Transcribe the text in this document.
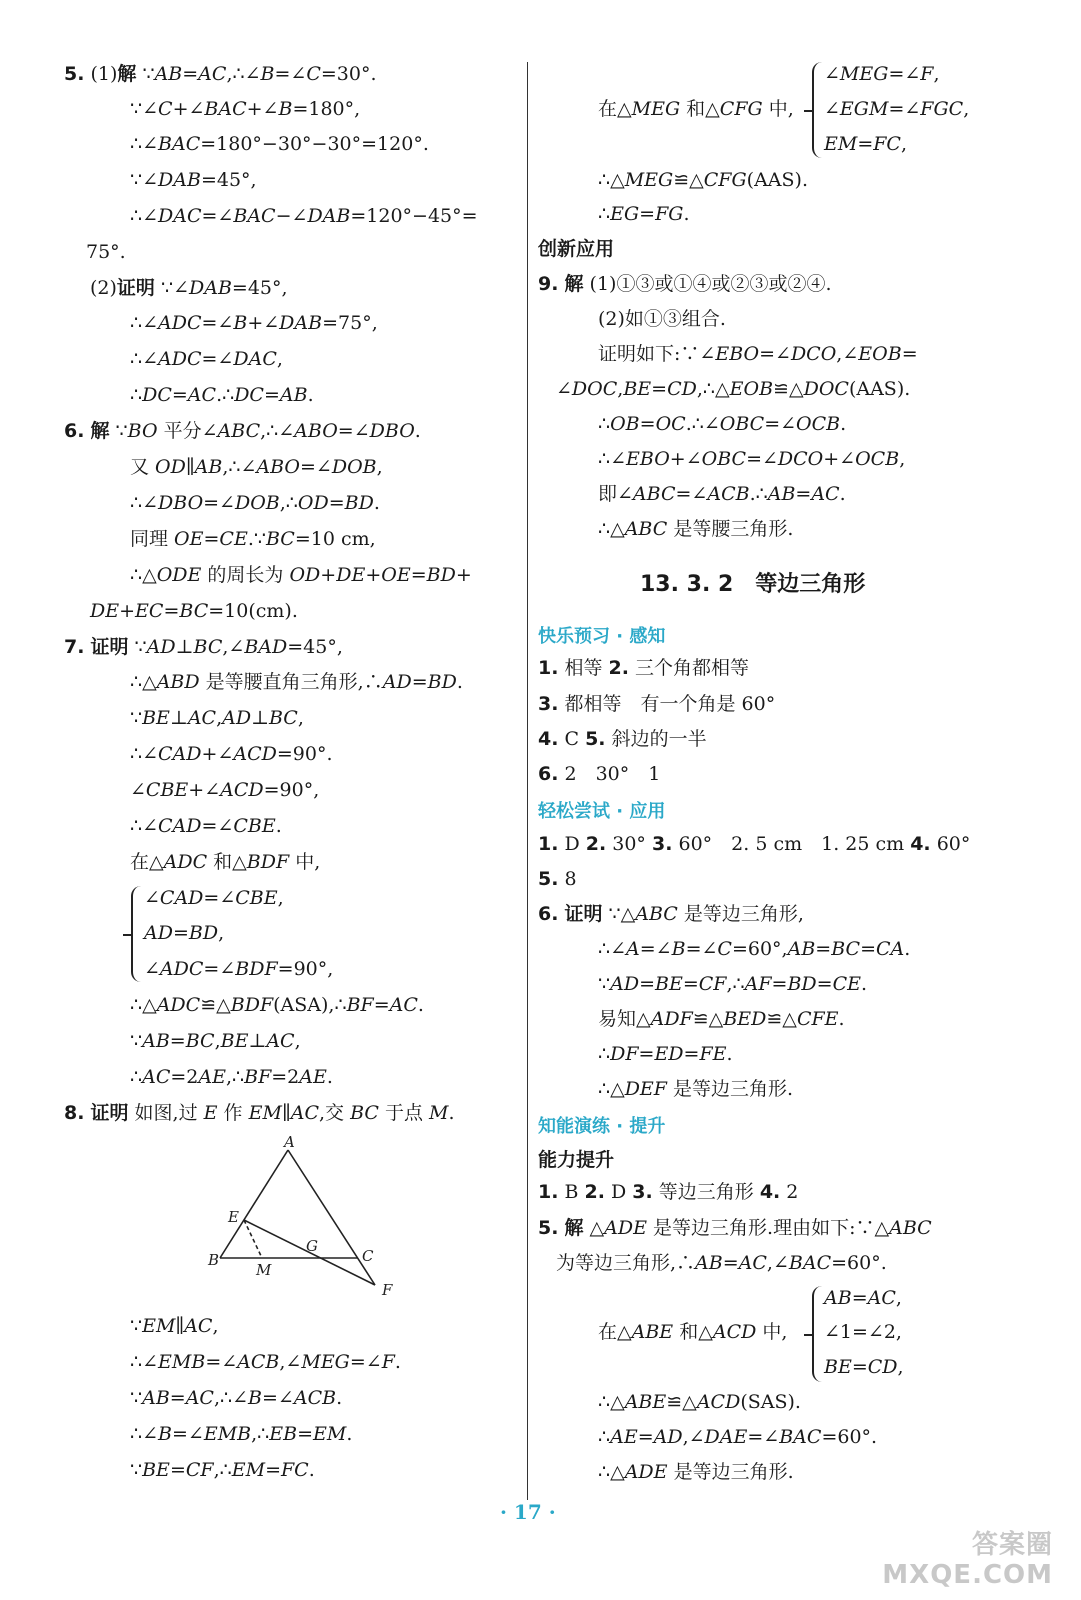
A
E
B
M
G
C
F
创新应用
13. 3. 2　等边三角形
快乐预习 · 感知
轻松尝试 · 应用
知能演练 · 提升
能力提升
· 17 ·
答案圈
MXQE.COM
5. (1)解 ∵AB=AC,∴∠B=∠C=30°.
∵∠C+∠BAC+∠B=180°,
∴∠BAC=180°−30°−30°=120°.
∵∠DAB=45°,
∴∠DAC=∠BAC−∠DAB=120°−45°=
75°.
(2)证明 ∵∠DAB=45°,
∴∠ADC=∠B+∠DAB=75°,
∴∠ADC=∠DAC,
∴DC=AC.∴DC=AB.
6. 解 ∵BO 平分∠ABC,∴∠ABO=∠DBO.
又 OD∥AB,∴∠ABO=∠DOB,
∴∠DBO=∠DOB,∴OD=BD.
同理 OE=CE.∵BC=10 cm,
∴△ODE 的周长为 OD+DE+OE=BD+
DE+EC=BC=10(cm).
7. 证明 ∵AD⊥BC,∠BAD=45°,
∴△ABD 是等腰直角三角形,∴AD=BD.
∵BE⊥AC,AD⊥BC,
∴∠CAD+∠ACD=90°.
∠CBE+∠ACD=90°,
∴∠CAD=∠CBE.
在△ADC 和△BDF 中,
∠CAD=∠CBE,
AD=BD,
∠ADC=∠BDF=90°,
∴△ADC≌△BDF(ASA),∴BF=AC.
∵AB=BC,BE⊥AC,
∴AC=2AE,∴BF=2AE.
8. 证明 如图,过 E 作 EM∥AC,交 BC 于点 M.
∵EM∥AC,
∴∠EMB=∠ACB,∠MEG=∠F.
∵AB=AC,∴∠B=∠ACB.
∴∠B=∠EMB,∴EB=EM.
∵BE=CF,∴EM=FC.
∠MEG=∠F,
在△MEG 和△CFG 中, ∠EGM=∠FGC,
EM=FC,
∴△MEG≌△CFG(AAS).
∴EG=FG.
9. 解 (1)①③或①④或②③或②④.
(2)如①③组合.
证明如下:∵∠EBO=∠DCO,∠EOB=
∠DOC,BE=CD,∴△EOB≌△DOC(AAS).
∴OB=OC.∴∠OBC=∠OCB.
∴∠EBO+∠OBC=∠DCO+∠OCB,
即∠ABC=∠ACB.∴AB=AC.
∴△ABC 是等腰三角形.
1. 相等 2. 三个角都相等
3. 都相等　有一个角是 60°
4. C 5. 斜边的一半
6. 2　30°　1
1. D 2. 30° 3. 60°　2. 5 cm　1. 25 cm 4. 60°
5. 8
6. 证明 ∵△ABC 是等边三角形,
∴∠A=∠B=∠C=60°,AB=BC=CA.
∵AD=BE=CF,∴AF=BD=CE.
易知△ADF≌△BED≌△CFE.
∴DF=ED=FE.
∴△DEF 是等边三角形.
1. B 2. D 3. 等边三角形 4. 2
5. 解 △ADE 是等边三角形.理由如下:∵△ABC
为等边三角形,∴AB=AC,∠BAC=60°.
AB=AC,
在△ABE 和△ACD 中, ∠1=∠2,
BE=CD,
∴△ABE≌△ACD(SAS).
∴AE=AD,∠DAE=∠BAC=60°.
∴△ADE 是等边三角形.
